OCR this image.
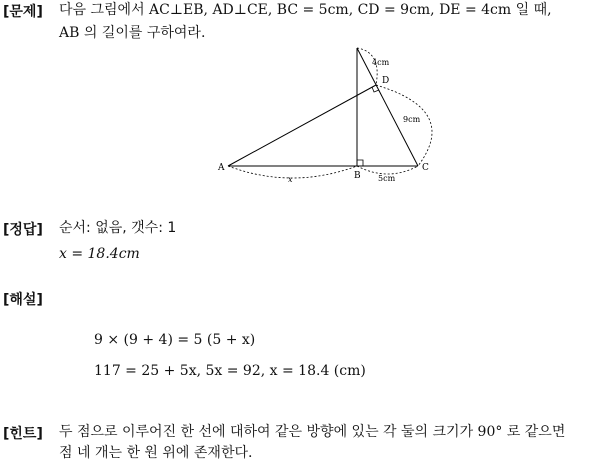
[문제] 다음 그림에서 AC⊥EB, AD⊥CE, BC = 5cm, CD = 9cm, DE = 4cm 일 때,
AB 의 길이를 구하여라.
A
B
C
D
4cm
9cm
x	5cm
[정답] 순서: 없음, 갯수: 1
x = 18.4cm
[해설]
9 × (9 + 4) = 5 (5 + x)
117 = 25 + 5x, 5x = 92, x = 18.4 (cm)
[힌트] 두 점으로 이루어진 한 선에 대하여 같은 방향에 있는 각 둘의 크기가 90° 로 같으면
점 네 개는 한 원 위에 존재한다.
